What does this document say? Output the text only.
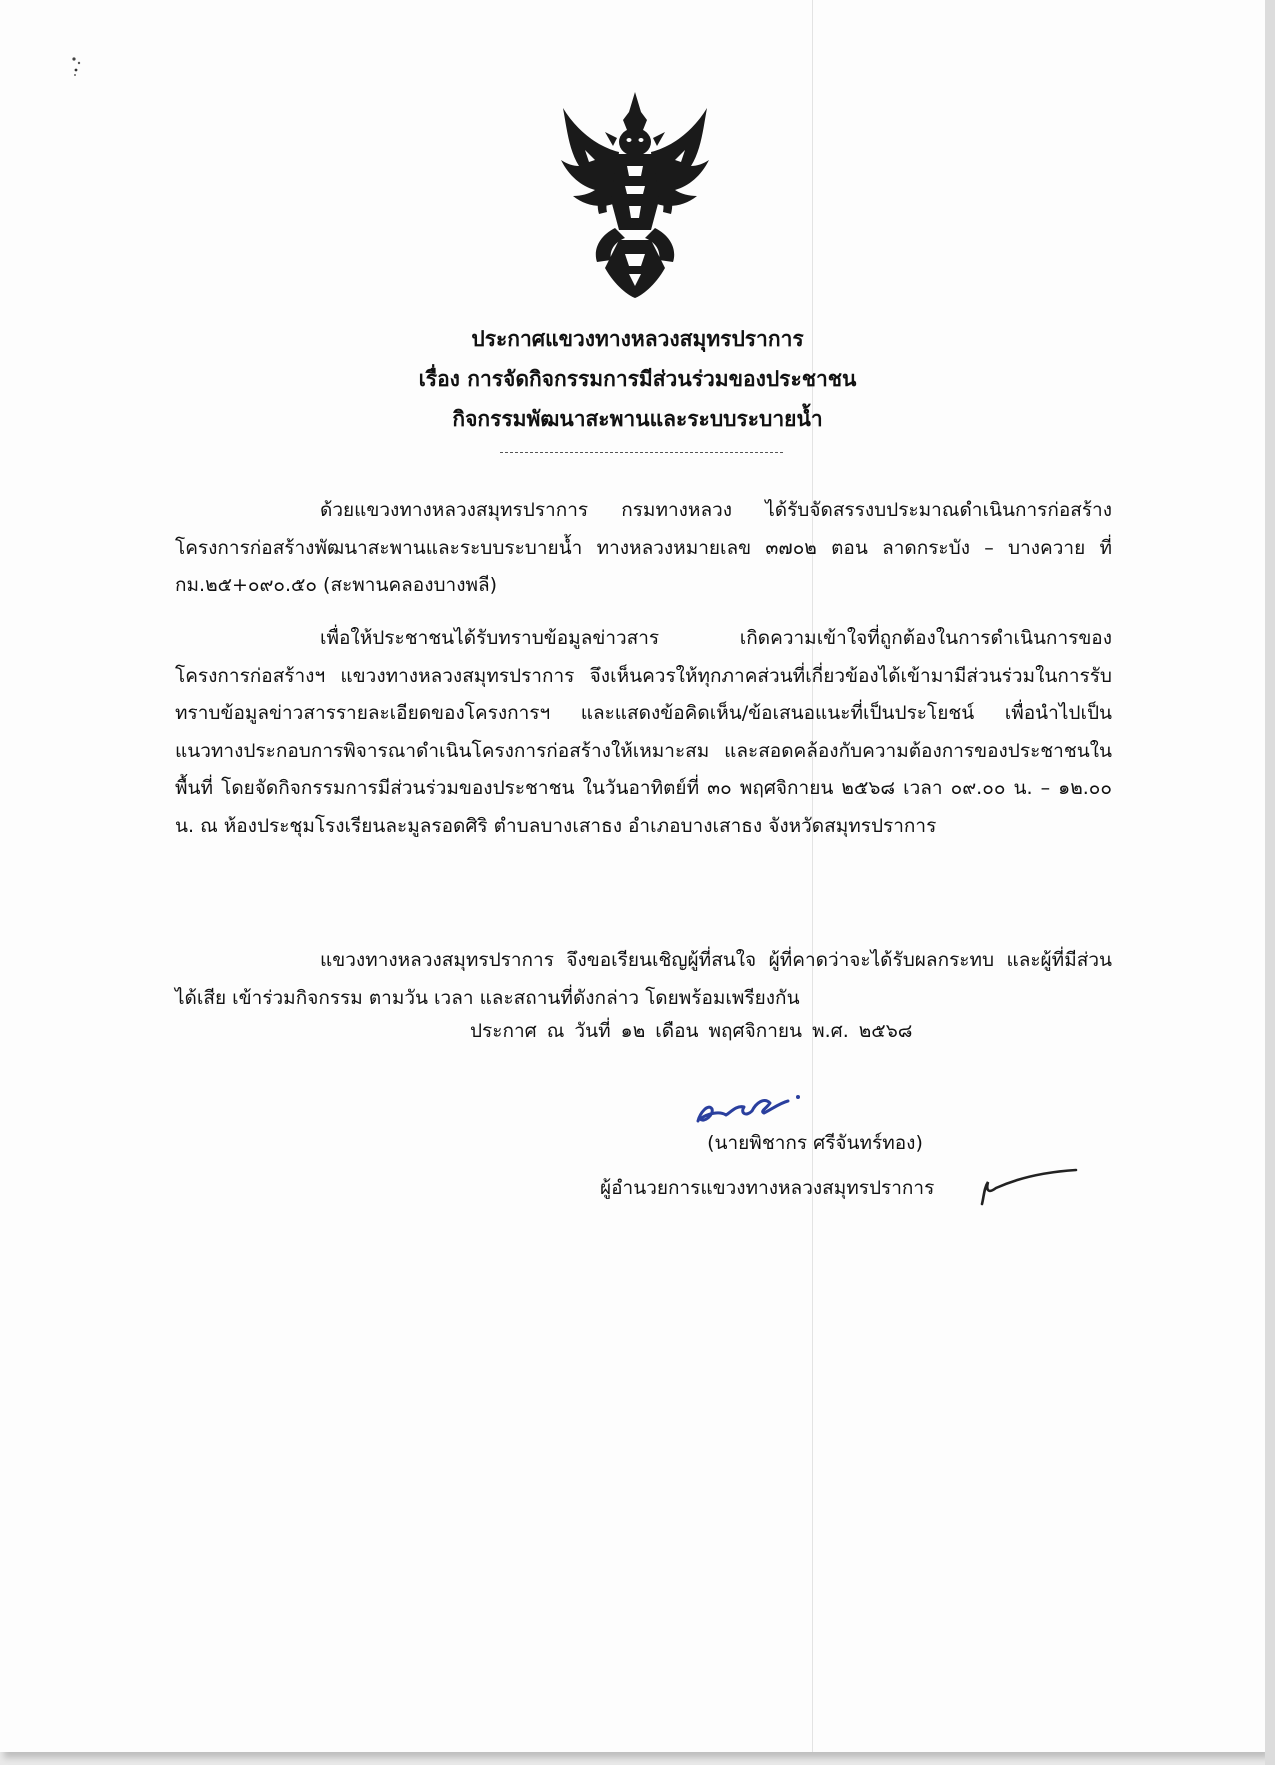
ประกาศแขวงทางหลวงสมุทรปราการ
เรื่อง การจัดกิจกรรมการมีส่วนร่วมของประชาชน
กิจกรรมพัฒนาสะพานและระบบระบายน้ำ

ด้วยแขวงทางหลวงสมุทรปราการ กรมทางหลวง ได้รับจัดสรรงบประมาณดำเนินการก่อสร้างโครงการก่อสร้างพัฒนาสะพานและระบบระบายน้ำ ทางหลวงหมายเลข ๓๗๐๒ ตอน ลาดกระบัง – บางควาย ที่ กม.๒๕+๐๙๐.๕๐ (สะพานคลองบางพลี)

เพื่อให้ประชาชนได้รับทราบข้อมูลข่าวสาร เกิดความเข้าใจที่ถูกต้องในการดำเนินการของโครงการก่อสร้างฯ แขวงทางหลวงสมุทรปราการ จึงเห็นควรให้ทุกภาคส่วนที่เกี่ยวข้องได้เข้ามามีส่วนร่วมในการรับทราบข้อมูลข่าวสารรายละเอียดของโครงการฯ และแสดงข้อคิดเห็น/ข้อเสนอแนะที่เป็นประโยชน์ เพื่อนำไปเป็นแนวทางประกอบการพิจารณาดำเนินโครงการก่อสร้างให้เหมาะสม และสอดคล้องกับความต้องการของประชาชนในพื้นที่ โดยจัดกิจกรรมการมีส่วนร่วมของประชาชน ในวันอาทิตย์ที่ ๓๐ พฤศจิกายน ๒๕๖๘ เวลา ๐๙.๐๐ น. – ๑๒.๐๐ น. ณ ห้องประชุมโรงเรียนละมูลรอดศิริ ตำบลบางเสาธง อำเภอบางเสาธง จังหวัดสมุทรปราการ

แขวงทางหลวงสมุทรปราการ จึงขอเรียนเชิญผู้ที่สนใจ ผู้ที่คาดว่าจะได้รับผลกระทบ และผู้ที่มีส่วนได้เสีย เข้าร่วมกิจกรรม ตามวัน เวลา และสถานที่ดังกล่าว โดยพร้อมเพรียงกัน

ประกาศ ณ วันที่ ๑๒ เดือน พฤศจิกายน พ.ศ. ๒๕๖๘
(นายพิชากร ศรีจันทร์ทอง)
ผู้อำนวยการแขวงทางหลวงสมุทรปราการ
